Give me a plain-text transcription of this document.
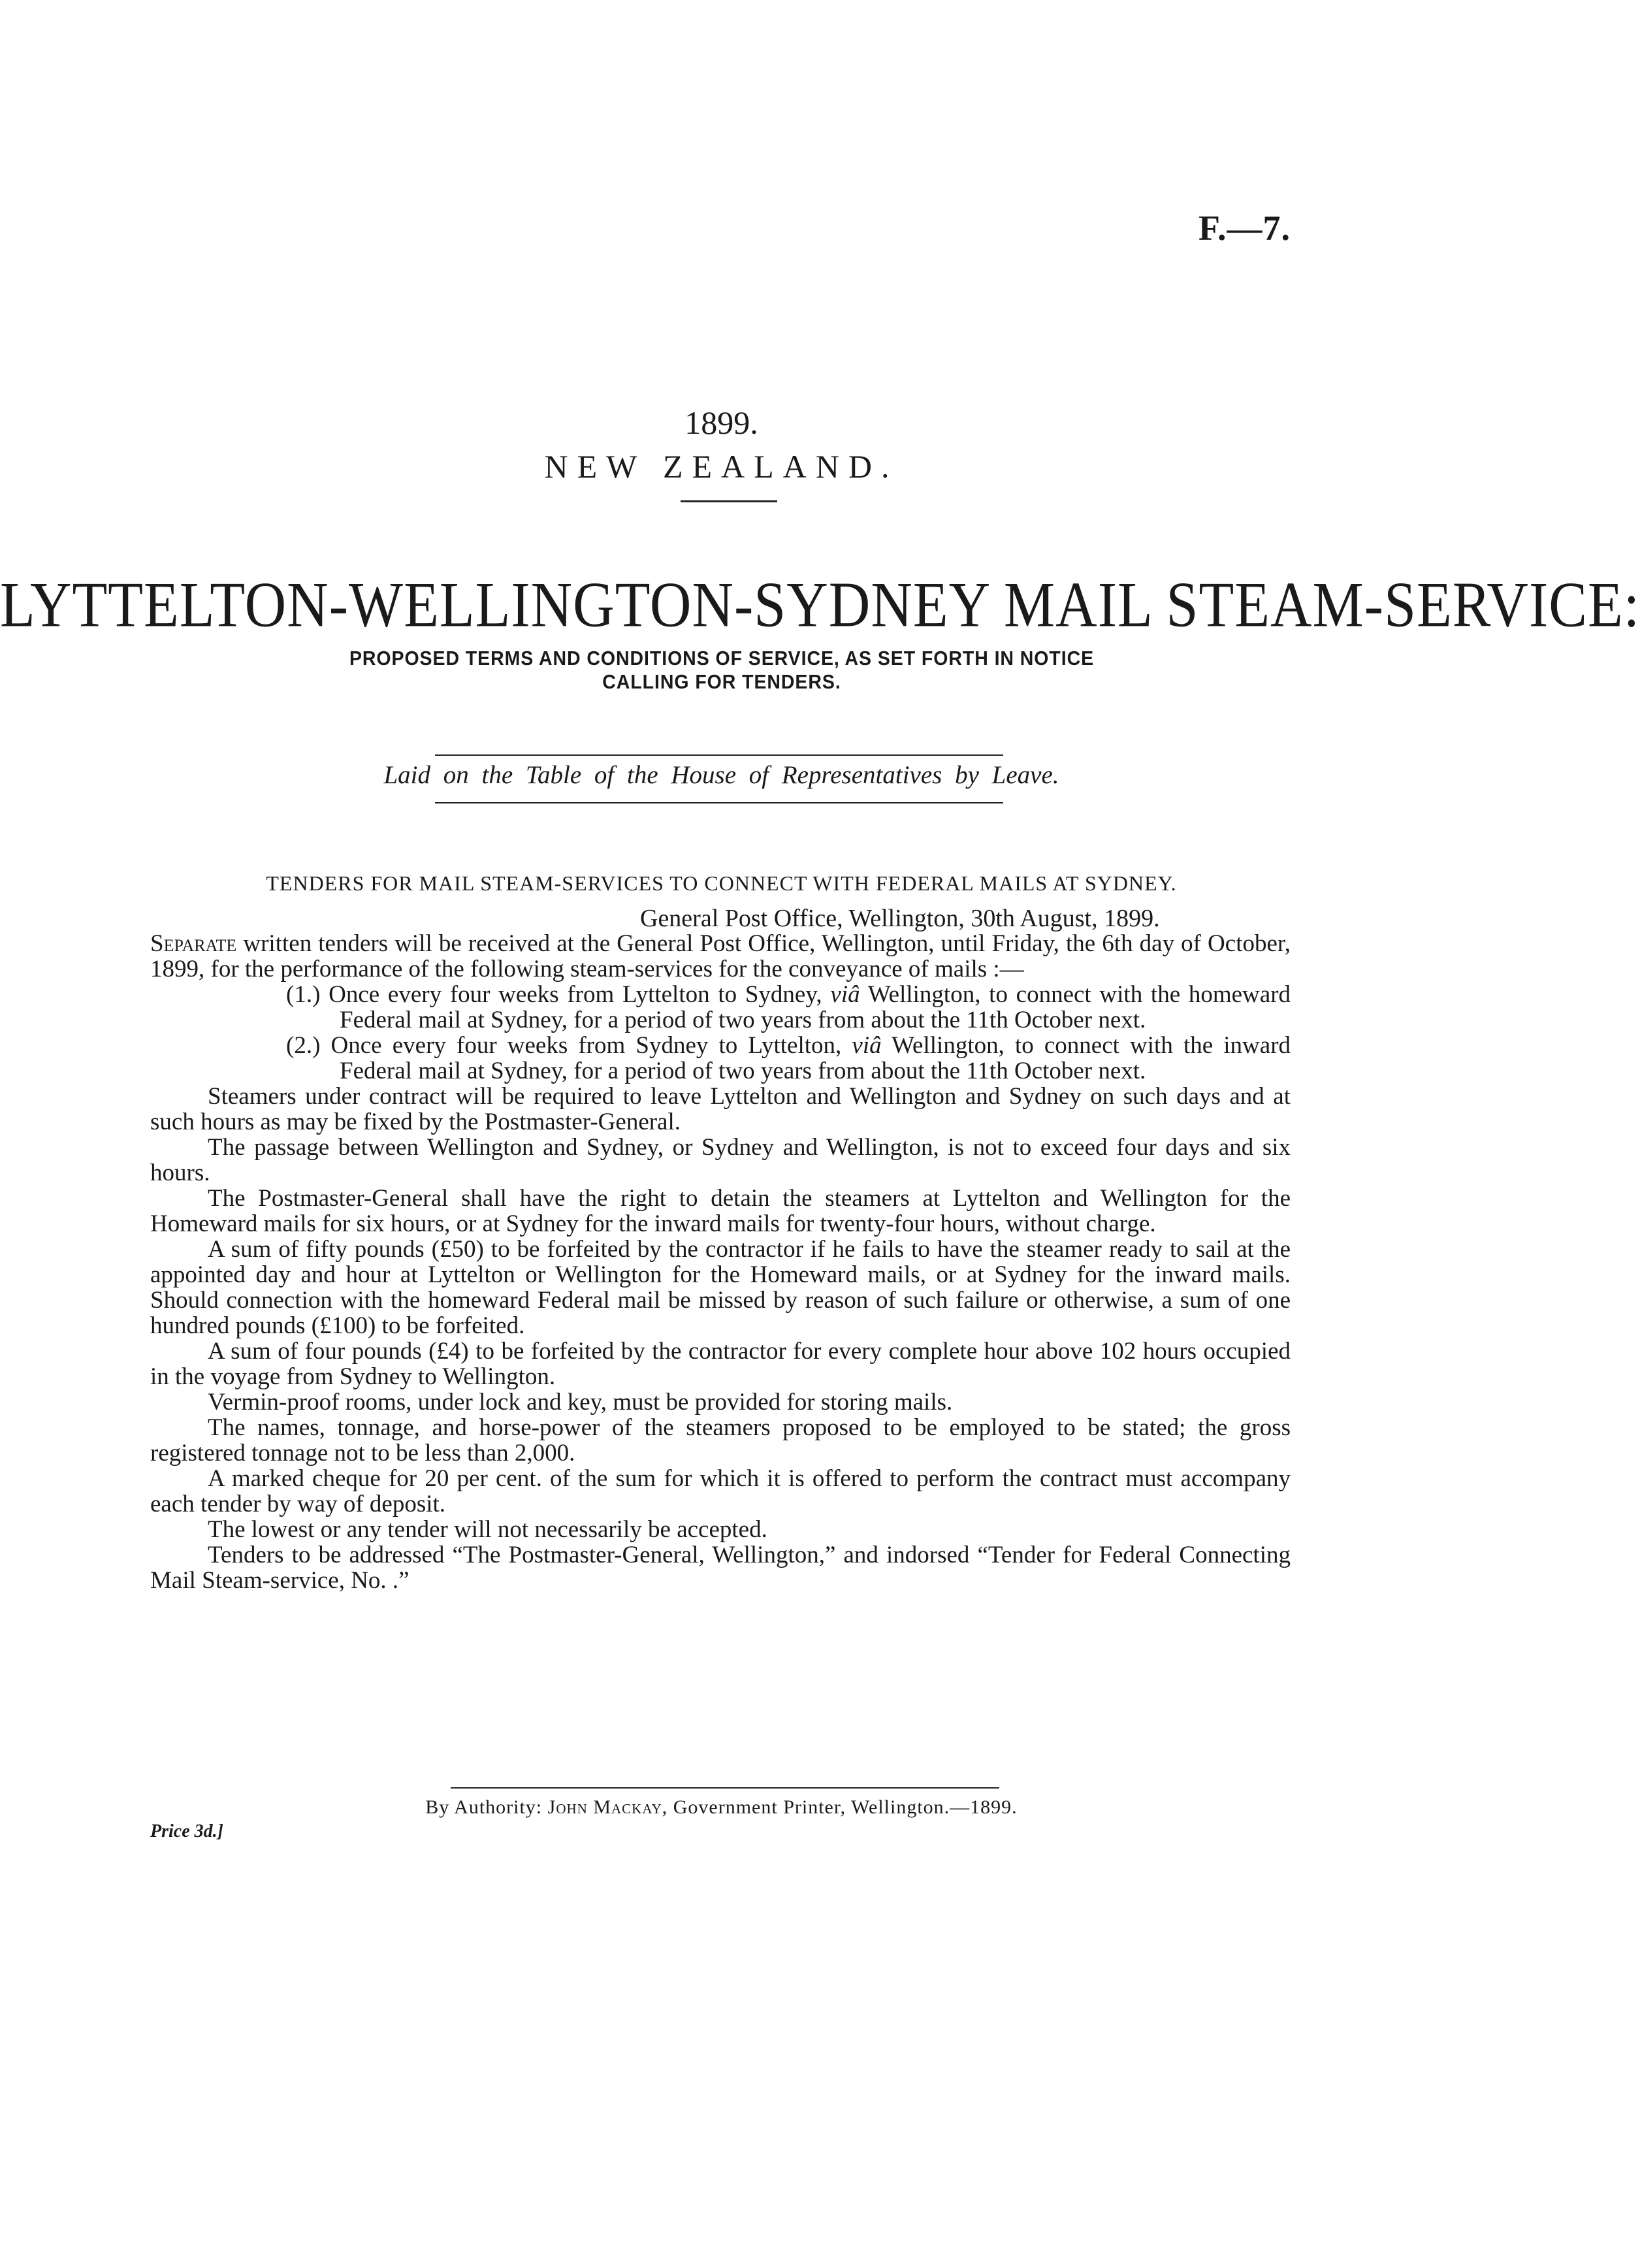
F.—7.
1899.
NEW ZEALAND.
LYTTELTON-WELLINGTON-SYDNEY MAIL STEAM-SERVICE:
PROPOSED TERMS AND CONDITIONS OF SERVICE, AS SET FORTH IN NOTICE
CALLING FOR TENDERS.
Laid on the Table of the House of Representatives by Leave.
TENDERS FOR MAIL STEAM-SERVICES TO CONNECT WITH FEDERAL MAILS AT SYDNEY.
General Post Office, Wellington, 30th August, 1899.

Separate written tenders will be received at the General Post Office, Wellington, until Friday, the 6th day of October, 1899, for the performance of the following steam-services for the conveyance of mails :—

(1.) Once every four weeks from Lyttelton to Sydney, viâ Wellington, to connect with the homeward Federal mail at Sydney, for a period of two years from about the 11th October next.

(2.) Once every four weeks from Sydney to Lyttelton, viâ Wellington, to connect with the inward Federal mail at Sydney, for a period of two years from about the 11th October next.

Steamers under contract will be required to leave Lyttelton and Wellington and Sydney on such days and at such hours as may be fixed by the Postmaster-General.

The passage between Wellington and Sydney, or Sydney and Wellington, is not to exceed four days and six hours.

The Postmaster-General shall have the right to detain the steamers at Lyttelton and Wellington for the Homeward mails for six hours, or at Sydney for the inward mails for twenty-four hours, without charge.

A sum of fifty pounds (£50) to be forfeited by the contractor if he fails to have the steamer ready to sail at the appointed day and hour at Lyttelton or Wellington for the Homeward mails, or at Sydney for the inward mails. Should connection with the homeward Federal mail be missed by reason of such failure or otherwise, a sum of one hundred pounds (£100) to be forfeited.

A sum of four pounds (£4) to be forfeited by the contractor for every complete hour above 102 hours occupied in the voyage from Sydney to Wellington.

Vermin-proof rooms, under lock and key, must be provided for storing mails.

The names, tonnage, and horse-power of the steamers proposed to be employed to be stated; the gross registered tonnage not to be less than 2,000.

A marked cheque for 20 per cent. of the sum for which it is offered to perform the contract must accompany each tender by way of deposit.

The lowest or any tender will not necessarily be accepted.

Tenders to be addressed “The Postmaster-General, Wellington,” and indorsed “Tender for Federal Connecting Mail Steam-service, No. .”

By Authority: John Mackay, Government Printer, Wellington.—1899.
Price 3d.]
